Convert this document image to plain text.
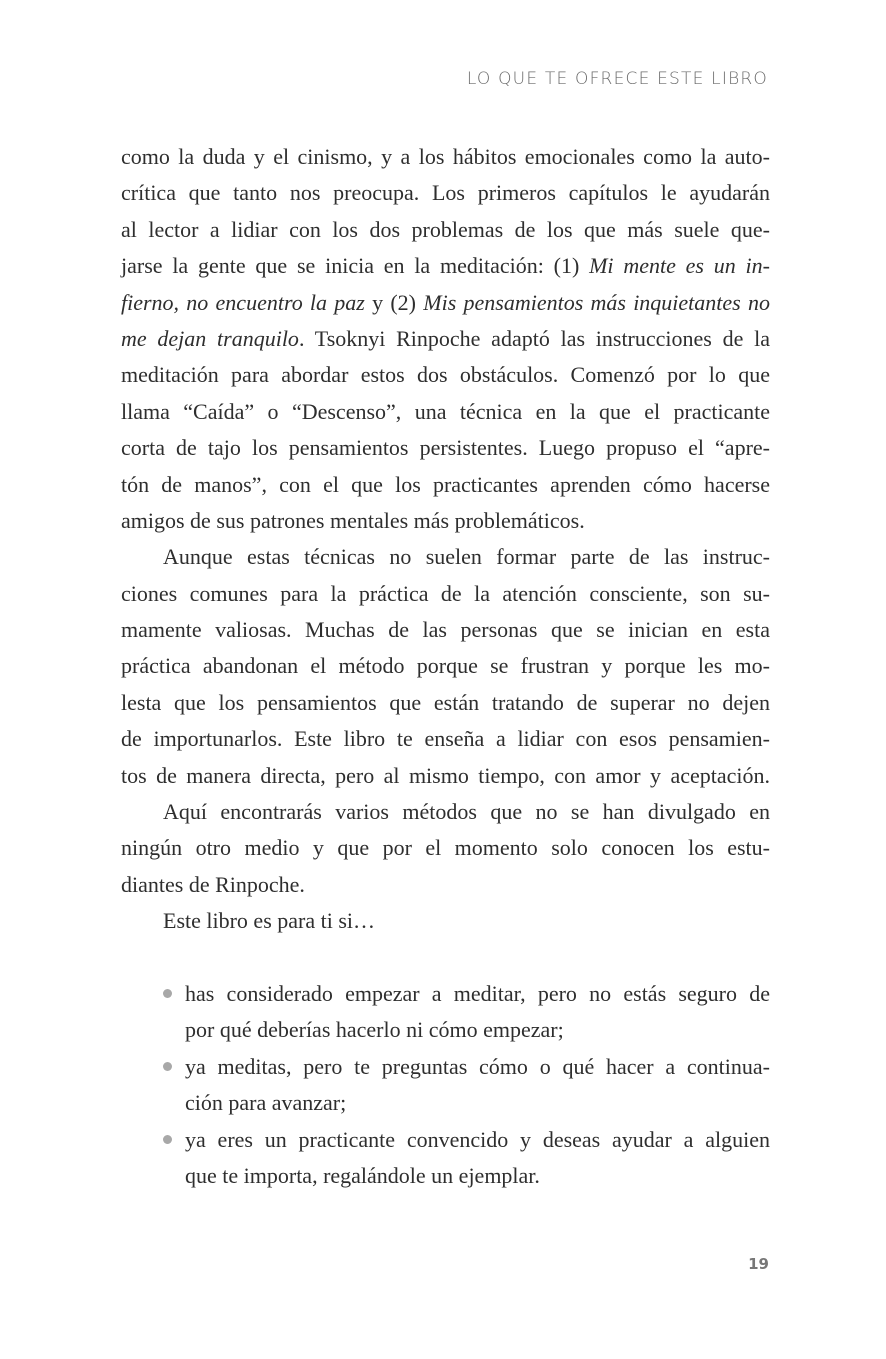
LO QUE TE OFRECE ESTE LIBRO
como la duda y el cinismo, y a los hábitos emocionales como la auto-
crítica que tanto nos preocupa. Los primeros capítulos le ayudarán
al lector a lidiar con los dos problemas de los que más suele que-
jarse la gente que se inicia en la meditación: (1) Mi mente es un in-
fierno, no encuentro la paz y (2) Mis pensamientos más inquietantes no
me dejan tranquilo. Tsoknyi Rinpoche adaptó las instrucciones de la
meditación para abordar estos dos obstáculos. Comenzó por lo que
llama “Caída” o “Descenso”, una técnica en la que el practicante
corta de tajo los pensamientos persistentes. Luego propuso el “apre-
tón de manos”, con el que los practicantes aprenden cómo hacerse
amigos de sus patrones mentales más problemáticos.
Aunque estas técnicas no suelen formar parte de las instruc-
ciones comunes para la práctica de la atención consciente, son su-
mamente valiosas. Muchas de las personas que se inician en esta
práctica abandonan el método porque se frustran y porque les mo-
lesta que los pensamientos que están tratando de superar no dejen
de importunarlos. Este libro te enseña a lidiar con esos pensamien-
tos de manera directa, pero al mismo tiempo, con amor y aceptación.
Aquí encontrarás varios métodos que no se han divulgado en
ningún otro medio y que por el momento solo conocen los estu-
diantes de Rinpoche.
Este libro es para ti si…
has considerado empezar a meditar, pero no estás seguro de
por qué deberías hacerlo ni cómo empezar;
ya meditas, pero te preguntas cómo o qué hacer a continua-
ción para avanzar;
ya eres un practicante convencido y deseas ayudar a alguien
que te importa, regalándole un ejemplar.
19
